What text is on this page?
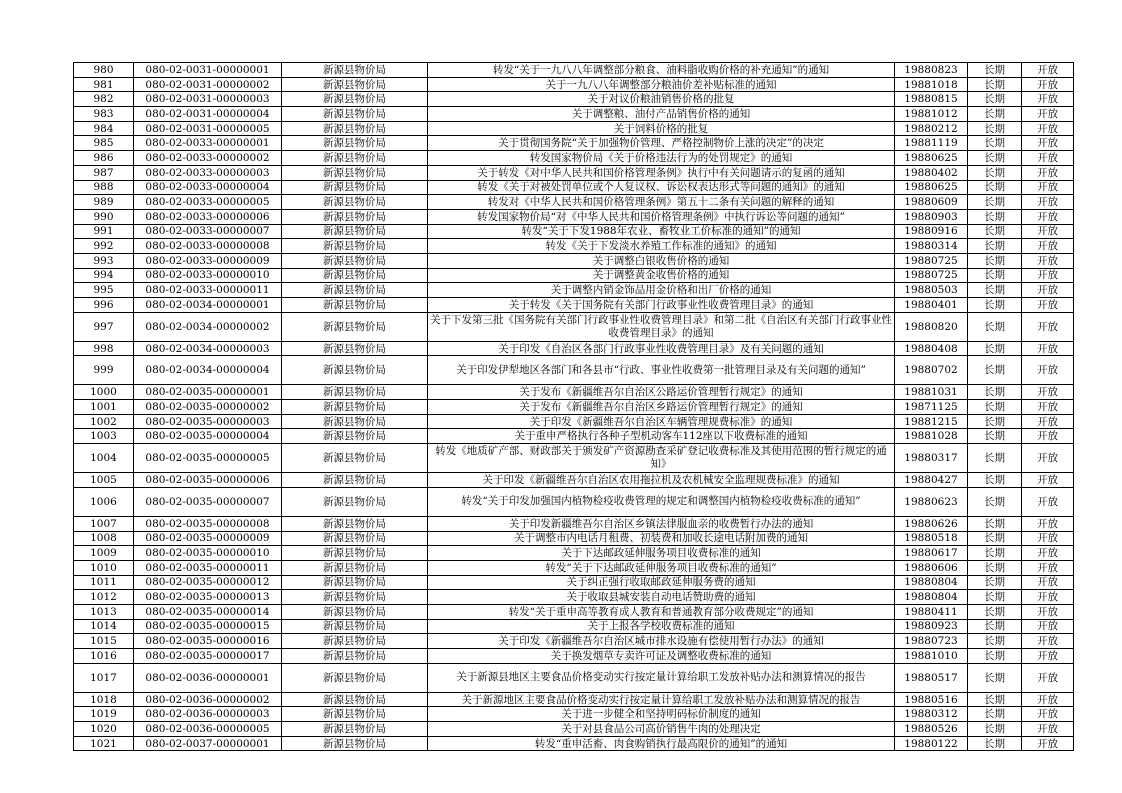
980	080-02-0031-00000001	新源县物价局	转发“关于一九八八年调整部分粮食、油料脂收购价格的补充通知”的通知	19880823	长期	开放
981	080-02-0031-00000002	新源县物价局	关于一九八八年调整部分粮油价差补贴标准的通知	19881018	长期	开放
982	080-02-0031-00000003	新源县物价局	关于对议价粮油销售价格的批复	19880815	长期	开放
983	080-02-0031-00000004	新源县物价局	关于调整粮、油付产品销售价格的通知	19881012	长期	开放
984	080-02-0031-00000005	新源县物价局	关于饲料价格的批复	19880212	长期	开放
985	080-02-0033-00000001	新源县物价局	关于贯彻国务院“关于加强物价管理、严格控制物价上涨的决定”的决定	19881119	长期	开放
986	080-02-0033-00000002	新源县物价局	转发国家物价局《关于价格违法行为的处罚规定》的通知	19880625	长期	开放
987	080-02-0033-00000003	新源县物价局	关于转发《对中华人民共和国价格管理条例》执行中有关问题请示的复函的通知	19880402	长期	开放
988	080-02-0033-00000004	新源县物价局	转发《关于对被处罚单位或个人复议权、诉讼权表达形式等问题的通知》的通知	19880625	长期	开放
989	080-02-0033-00000005	新源县物价局	转发对《中华人民共和国价格管理条例》第五十二条有关问题的解释的通知	19880609	长期	开放
990	080-02-0033-00000006	新源县物价局	转发国家物价局“对《中华人民共和国价格管理条例》中执行诉讼等问题的通知”	19880903	长期	开放
991	080-02-0033-00000007	新源县物价局	转发“关于下发1988年农业、畜牧业工价标准的通知”的通知	19880916	长期	开放
992	080-02-0033-00000008	新源县物价局	转发《关于下发淡水养殖工作标准的通知》的通知	19880314	长期	开放
993	080-02-0033-00000009	新源县物价局	关于调整白银收售价格的通知	19880725	长期	开放
994	080-02-0033-00000010	新源县物价局	关于调整黄金收售价格的通知	19880725	长期	开放
995	080-02-0033-00000011	新源县物价局	关于调整内销金饰品用金价格和出厂价格的通知	19880503	长期	开放
996	080-02-0034-00000001	新源县物价局	关于转发《关于国务院有关部门行政事业性收费管理目录》的通知	19880401	长期	开放
997	080-02-0034-00000002	新源县物价局	关于下发第三批《国务院有关部门行政事业性收费管理目录》和第二批《自治区有关部门行政事业性收费管理目录》的通知	19880820	长期	开放
998	080-02-0034-00000003	新源县物价局	关于印发《自治区各部门行政事业性收费管理目录》及有关问题的通知	19880408	长期	开放
999	080-02-0034-00000004	新源县物价局	关于印发伊犁地区各部门和各县市“行政、事业性收费第一批管理目录及有关问题的通知”	19880702	长期	开放
1000	080-02-0035-00000001	新源县物价局	关于发布《新疆维吾尔自治区公路运价管理暂行规定》的通知	19881031	长期	开放
1001	080-02-0035-00000002	新源县物价局	关于发布《新疆维吾尔自治区乡路运价管理暂行规定》的通知	19871125	长期	开放
1002	080-02-0035-00000003	新源县物价局	关于印发《新疆维吾尔自治区车辆管理规费标准》的通知	19881215	长期	开放
1003	080-02-0035-00000004	新源县物价局	关于重申严格执行各种子型机动客车112座以下收费标准的通知	19881028	长期	开放
1004	080-02-0035-00000005	新源县物价局	转发《地质矿产部、财政部关于颁发矿产资源勘查采矿登记收费标准及其使用范围的暂行规定的通知》	19880317	长期	开放
1005	080-02-0035-00000006	新源县物价局	关于印发《新疆维吾尔自治区农用拖拉机及农机械安全监理规费标准》的通知	19880427	长期	开放
1006	080-02-0035-00000007	新源县物价局	转发“关于印发加强国内植物检疫收费管理的规定和调整国内植物检疫收费标准的通知”	19880623	长期	开放
1007	080-02-0035-00000008	新源县物价局	关于印发新疆维吾尔自治区乡镇法律服血亲的收费暂行办法的通知	19880626	长期	开放
1008	080-02-0035-00000009	新源县物价局	关于调整市内电话月租费、初装费和加收长途电话附加费的通知	19880518	长期	开放
1009	080-02-0035-00000010	新源县物价局	关于下达邮政延伸服务项目收费标准的通知	19880617	长期	开放
1010	080-02-0035-00000011	新源县物价局	转发“关于下达邮政延伸服务项目收费标准的通知”	19880606	长期	开放
1011	080-02-0035-00000012	新源县物价局	关于纠正强行收取邮政延伸服务费的通知	19880804	长期	开放
1012	080-02-0035-00000013	新源县物价局	关于收取县城安装自动电话赞助费的通知	19880804	长期	开放
1013	080-02-0035-00000014	新源县物价局	转发“关于重申高等教育成人教育和普通教育部分收费规定”的通知	19880411	长期	开放
1014	080-02-0035-00000015	新源县物价局	关于上报各学校收费标准的通知	19880923	长期	开放
1015	080-02-0035-00000016	新源县物价局	关于印发《新疆维吾尔自治区城市排水设施有偿使用暂行办法》的通知	19880723	长期	开放
1016	080-02-0035-00000017	新源县物价局	关于换发烟草专卖许可证及调整收费标准的通知	19881010	长期	开放
1017	080-02-0036-00000001	新源县物价局	关于新源县地区主要食品价格变动实行按定量计算给职工发放补贴办法和测算情况的报告	19880517	长期	开放
1018	080-02-0036-00000002	新源县物价局	关于新源地区主要食品价格变动实行按定量计算给职工发放补贴办法和测算情况的报告	19880516	长期	开放
1019	080-02-0036-00000003	新源县物价局	关于进一步健全和坚持明码标价制度的通知	19880312	长期	开放
1020	080-02-0036-00000005	新源县物价局	关于对县食品公司高价销售牛肉的处理决定	19880526	长期	开放
1021	080-02-0037-00000001	新源县物价局	转发“重申活畜、肉食购销执行最高限价的通知”的通知	19880122	长期	开放
